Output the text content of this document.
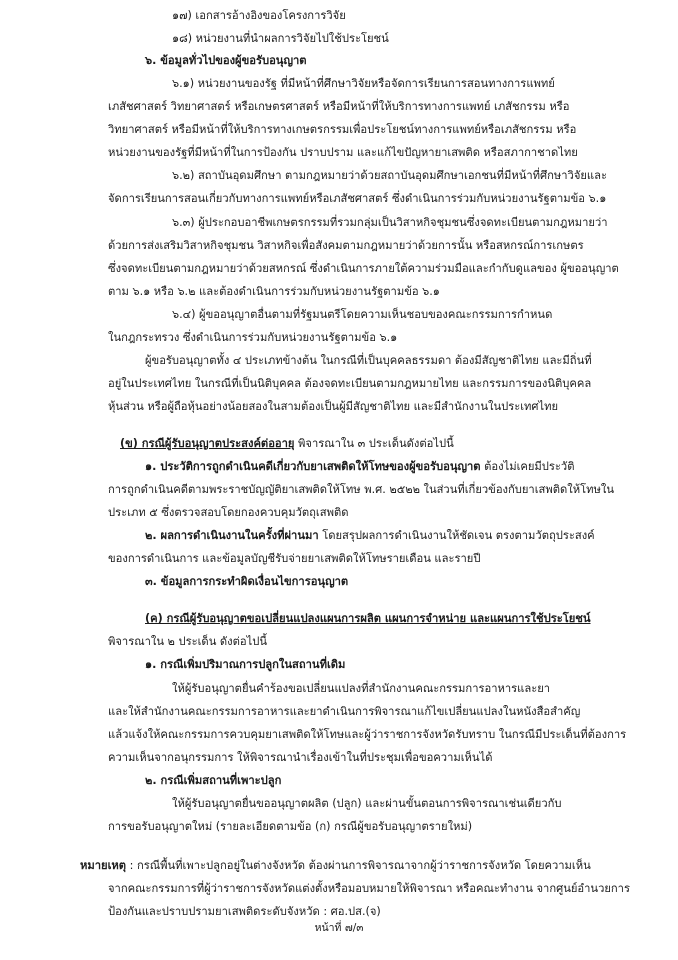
๑๗) เอกสารอ้างอิงของโครงการวิจัย
๑๘) หน่วยงานที่นำผลการวิจัยไปใช้ประโยชน์
๖. ข้อมูลทั่วไปของผู้ขอรับอนุญาต
๖.๑) หน่วยงานของรัฐ ที่มีหน้าที่ศึกษาวิจัยหรือจัดการเรียนการสอนทางการแพทย์
เภสัชศาสตร์ วิทยาศาสตร์ หรือเกษตรศาสตร์ หรือมีหน้าที่ให้บริการทางการแพทย์ เภสัชกรรม หรือ
วิทยาศาสตร์ หรือมีหน้าที่ให้บริการทางเกษตรกรรมเพื่อประโยชน์ทางการแพทย์หรือเภสัชกรรม หรือ
หน่วยงานของรัฐที่มีหน้าที่ในการป้องกัน ปราบปราม และแก้ไขปัญหายาเสพติด หรือสภากาชาดไทย
๖.๒) สถาบันอุดมศึกษา ตามกฎหมายว่าด้วยสถาบันอุดมศึกษาเอกชนที่มีหน้าที่ศึกษาวิจัยและ
จัดการเรียนการสอนเกี่ยวกับทางการแพทย์หรือเภสัชศาสตร์ ซึ่งดำเนินการร่วมกับหน่วยงานรัฐตามข้อ ๖.๑
๖.๓) ผู้ประกอบอาชีพเกษตรกรรมที่รวมกลุ่มเป็นวิสาหกิจชุมชนซึ่งจดทะเบียนตามกฎหมายว่า
ด้วยการส่งเสริมวิสาหกิจชุมชน วิสาหกิจเพื่อสังคมตามกฎหมายว่าด้วยการนั้น หรือสหกรณ์การเกษตร
ซึ่งจดทะเบียนตามกฎหมายว่าด้วยสหกรณ์ ซึ่งดำเนินการภายใต้ความร่วมมือและกำกับดูแลของ ผู้ขออนุญาต
ตาม ๖.๑ หรือ ๖.๒ และต้องดำเนินการร่วมกับหน่วยงานรัฐตามข้อ ๖.๑
๖.๔) ผู้ขออนุญาตอื่นตามที่รัฐมนตรีโดยความเห็นชอบของคณะกรรมการกำหนด
ในกฎกระทรวง ซึ่งดำเนินการร่วมกับหน่วยงานรัฐตามข้อ ๖.๑
ผู้ขอรับอนุญาตทั้ง ๔ ประเภทข้างต้น ในกรณีที่เป็นบุคคลธรรมดา ต้องมีสัญชาติไทย และมีถิ่นที่
อยู่ในประเทศไทย ในกรณีที่เป็นนิติบุคคล ต้องจดทะเบียนตามกฎหมายไทย และกรรมการของนิติบุคคล
หุ้นส่วน หรือผู้ถือหุ้นอย่างน้อยสองในสามต้องเป็นผู้มีสัญชาติไทย และมีสำนักงานในประเทศไทย
(ข) กรณีผู้รับอนุญาตประสงค์ต่ออายุ พิจารณาใน ๓ ประเด็นดังต่อไปนี้
๑. ประวัติการถูกดำเนินคดีเกี่ยวกับยาเสพติดให้โทษของผู้ขอรับอนุญาต ต้องไม่เคยมีประวัติ
การถูกดำเนินคดีตามพระราชบัญญัติยาเสพติดให้โทษ พ.ศ. ๒๕๒๒ ในส่วนที่เกี่ยวข้องกับยาเสพติดให้โทษใน
ประเภท ๕ ซึ่งตรวจสอบโดยกองควบคุมวัตถุเสพติด
๒. ผลการดำเนินงานในครั้งที่ผ่านมา โดยสรุปผลการดำเนินงานให้ชัดเจน ตรงตามวัตถุประสงค์
ของการดำเนินการ และข้อมูลบัญชีรับจ่ายยาเสพติดให้โทษรายเดือน และรายปี
๓. ข้อมูลการกระทำผิดเงื่อนไขการอนุญาต
(ค) กรณีผู้รับอนุญาตขอเปลี่ยนแปลงแผนการผลิต แผนการจำหน่าย และแผนการใช้ประโยชน์
พิจารณาใน ๒ ประเด็น ดังต่อไปนี้
๑. กรณีเพิ่มปริมาณการปลูกในสถานที่เดิม
ให้ผู้รับอนุญาตยื่นคำร้องขอเปลี่ยนแปลงที่สำนักงานคณะกรรมการอาหารและยา
และให้สำนักงานคณะกรรมการอาหารและยาดำเนินการพิจารณาแก้ไขเปลี่ยนแปลงในหนังสือสำคัญ
แล้วแจ้งให้คณะกรรมการควบคุมยาเสพติดให้โทษและผู้ว่าราชการจังหวัดรับทราบ ในกรณีมีประเด็นที่ต้องการ
ความเห็นจากอนุกรรมการ ให้พิจารณานำเรื่องเข้าในที่ประชุมเพื่อขอความเห็นได้
๒. กรณีเพิ่มสถานที่เพาะปลูก
ให้ผู้รับอนุญาตยื่นขออนุญาตผลิต (ปลูก) และผ่านขั้นตอนการพิจารณาเช่นเดียวกับ
การขอรับอนุญาตใหม่ (รายละเอียดตามข้อ (ก) กรณีผู้ขอรับอนุญาตรายใหม่)
หมายเหตุ : กรณีพื้นที่เพาะปลูกอยู่ในต่างจังหวัด ต้องผ่านการพิจารณาจากผู้ว่าราชการจังหวัด โดยความเห็น
จากคณะกรรมการที่ผู้ว่าราชการจังหวัดแต่งตั้งหรือมอบหมายให้พิจารณา หรือคณะทำงาน จากศูนย์อำนวยการ
ป้องกันและปราบปรามยาเสพติดระดับจังหวัด : ศอ.ปส.(จ)
หน้าที่ ๗/๓
